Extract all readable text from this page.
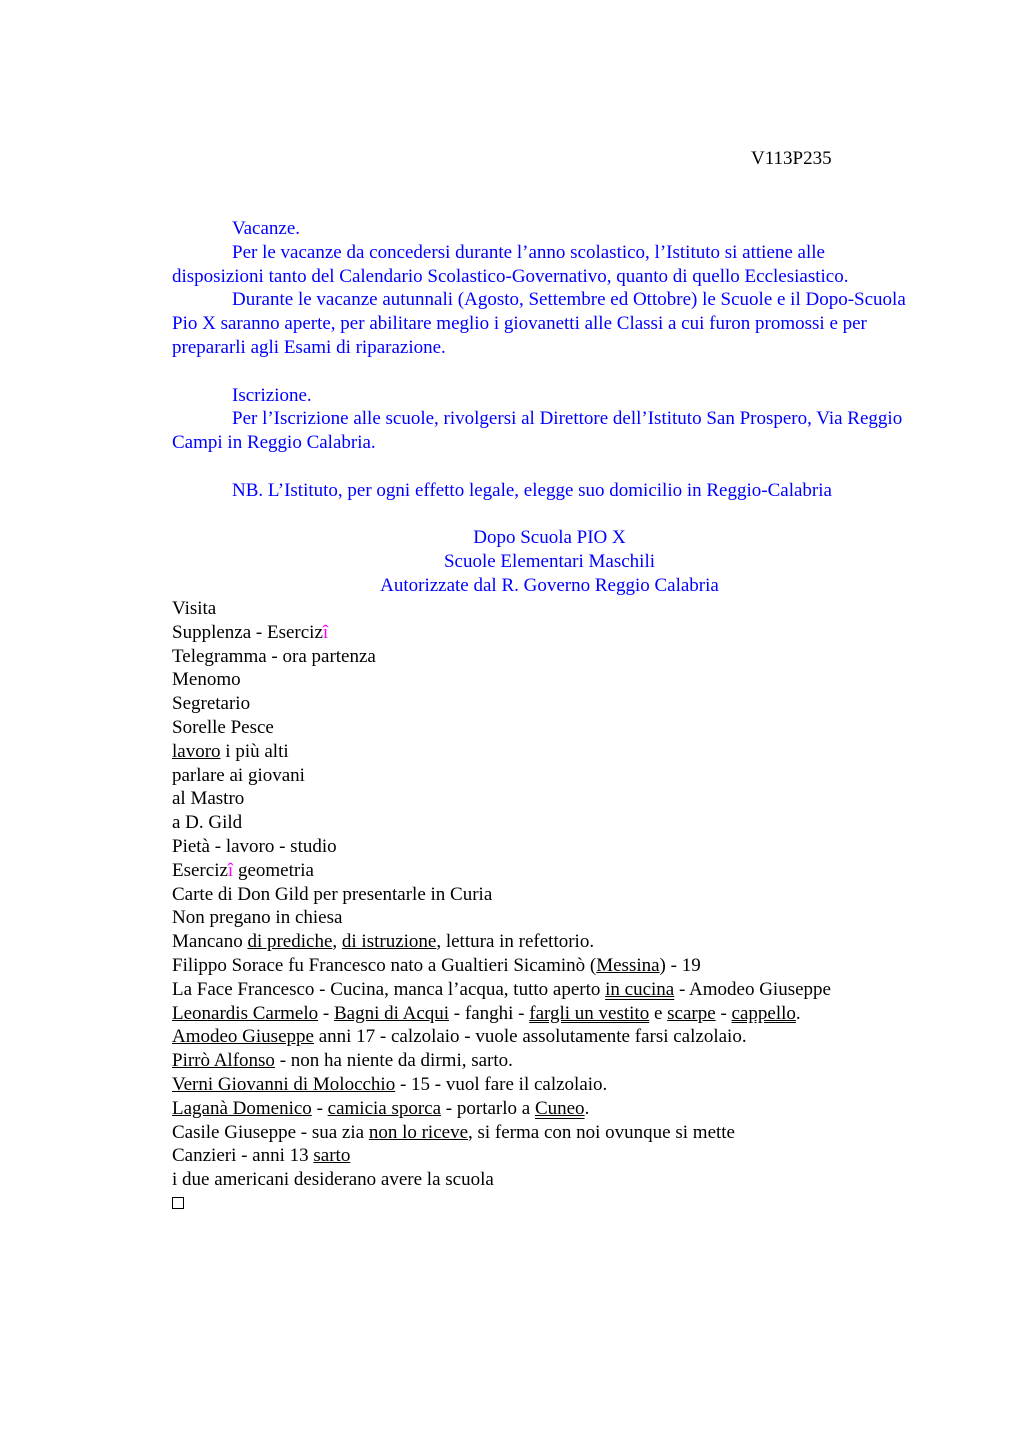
V113P235

Vacanze.

Per le vacanze da concedersi durante l’anno scolastico, l’Istituto si attiene alle disposizioni tanto del Calendario Scolastico-Governativo, quanto di quello Ecclesiastico.

Durante le vacanze autunnali (Agosto, Settembre ed Ottobre) le Scuole e il Dopo-Scuola Pio X saranno aperte, per abilitare meglio i giovanetti alle Classi a cui furon promossi e per prepararli agli Esami di riparazione.

Iscrizione.

Per l’Iscrizione alle scuole, rivolgersi al Direttore dell’Istituto San Prospero, Via Reggio Campi in Reggio Calabria.

NB. L’Istituto, per ogni effetto legale, elegge suo domicilio in Reggio-Calabria

Dopo Scuola PIO X

Scuole Elementari Maschili

Autorizzate dal R. Governo Reggio Calabria

Visita
Supplenza - Esercizî
Telegramma - ora partenza
Menomo
Segretario
Sorelle Pesce
lavoro i più alti
parlare ai giovani
al Mastro
a D. Gild
Pietà - lavoro - studio
Esercizî geometria
Carte di Don Gild per presentarle in Curia
Non pregano in chiesa
Mancano di prediche, di istruzione, lettura in refettorio.
Filippo Sorace fu Francesco nato a Gualtieri Sicaminò (Messina) - 19
La Face Francesco - Cucina, manca l’acqua, tutto aperto in cucina - Amodeo Giuseppe
Leonardis Carmelo - Bagni di Acqui - fanghi - fargli un vestito e scarpe - cappello.
Amodeo Giuseppe anni 17 - calzolaio - vuole assolutamente farsi calzolaio.
Pirrò Alfonso - non ha niente da dirmi, sarto.
Verni Giovanni di Molocchio - 15 - vuol fare il calzolaio.
Laganà Domenico - camicia sporca - portarlo a Cuneo.
Casile Giuseppe - sua zia non lo riceve, si ferma con noi ovunque si mette
Canzieri - anni 13 sarto
i due americani desiderano avere la scuola
